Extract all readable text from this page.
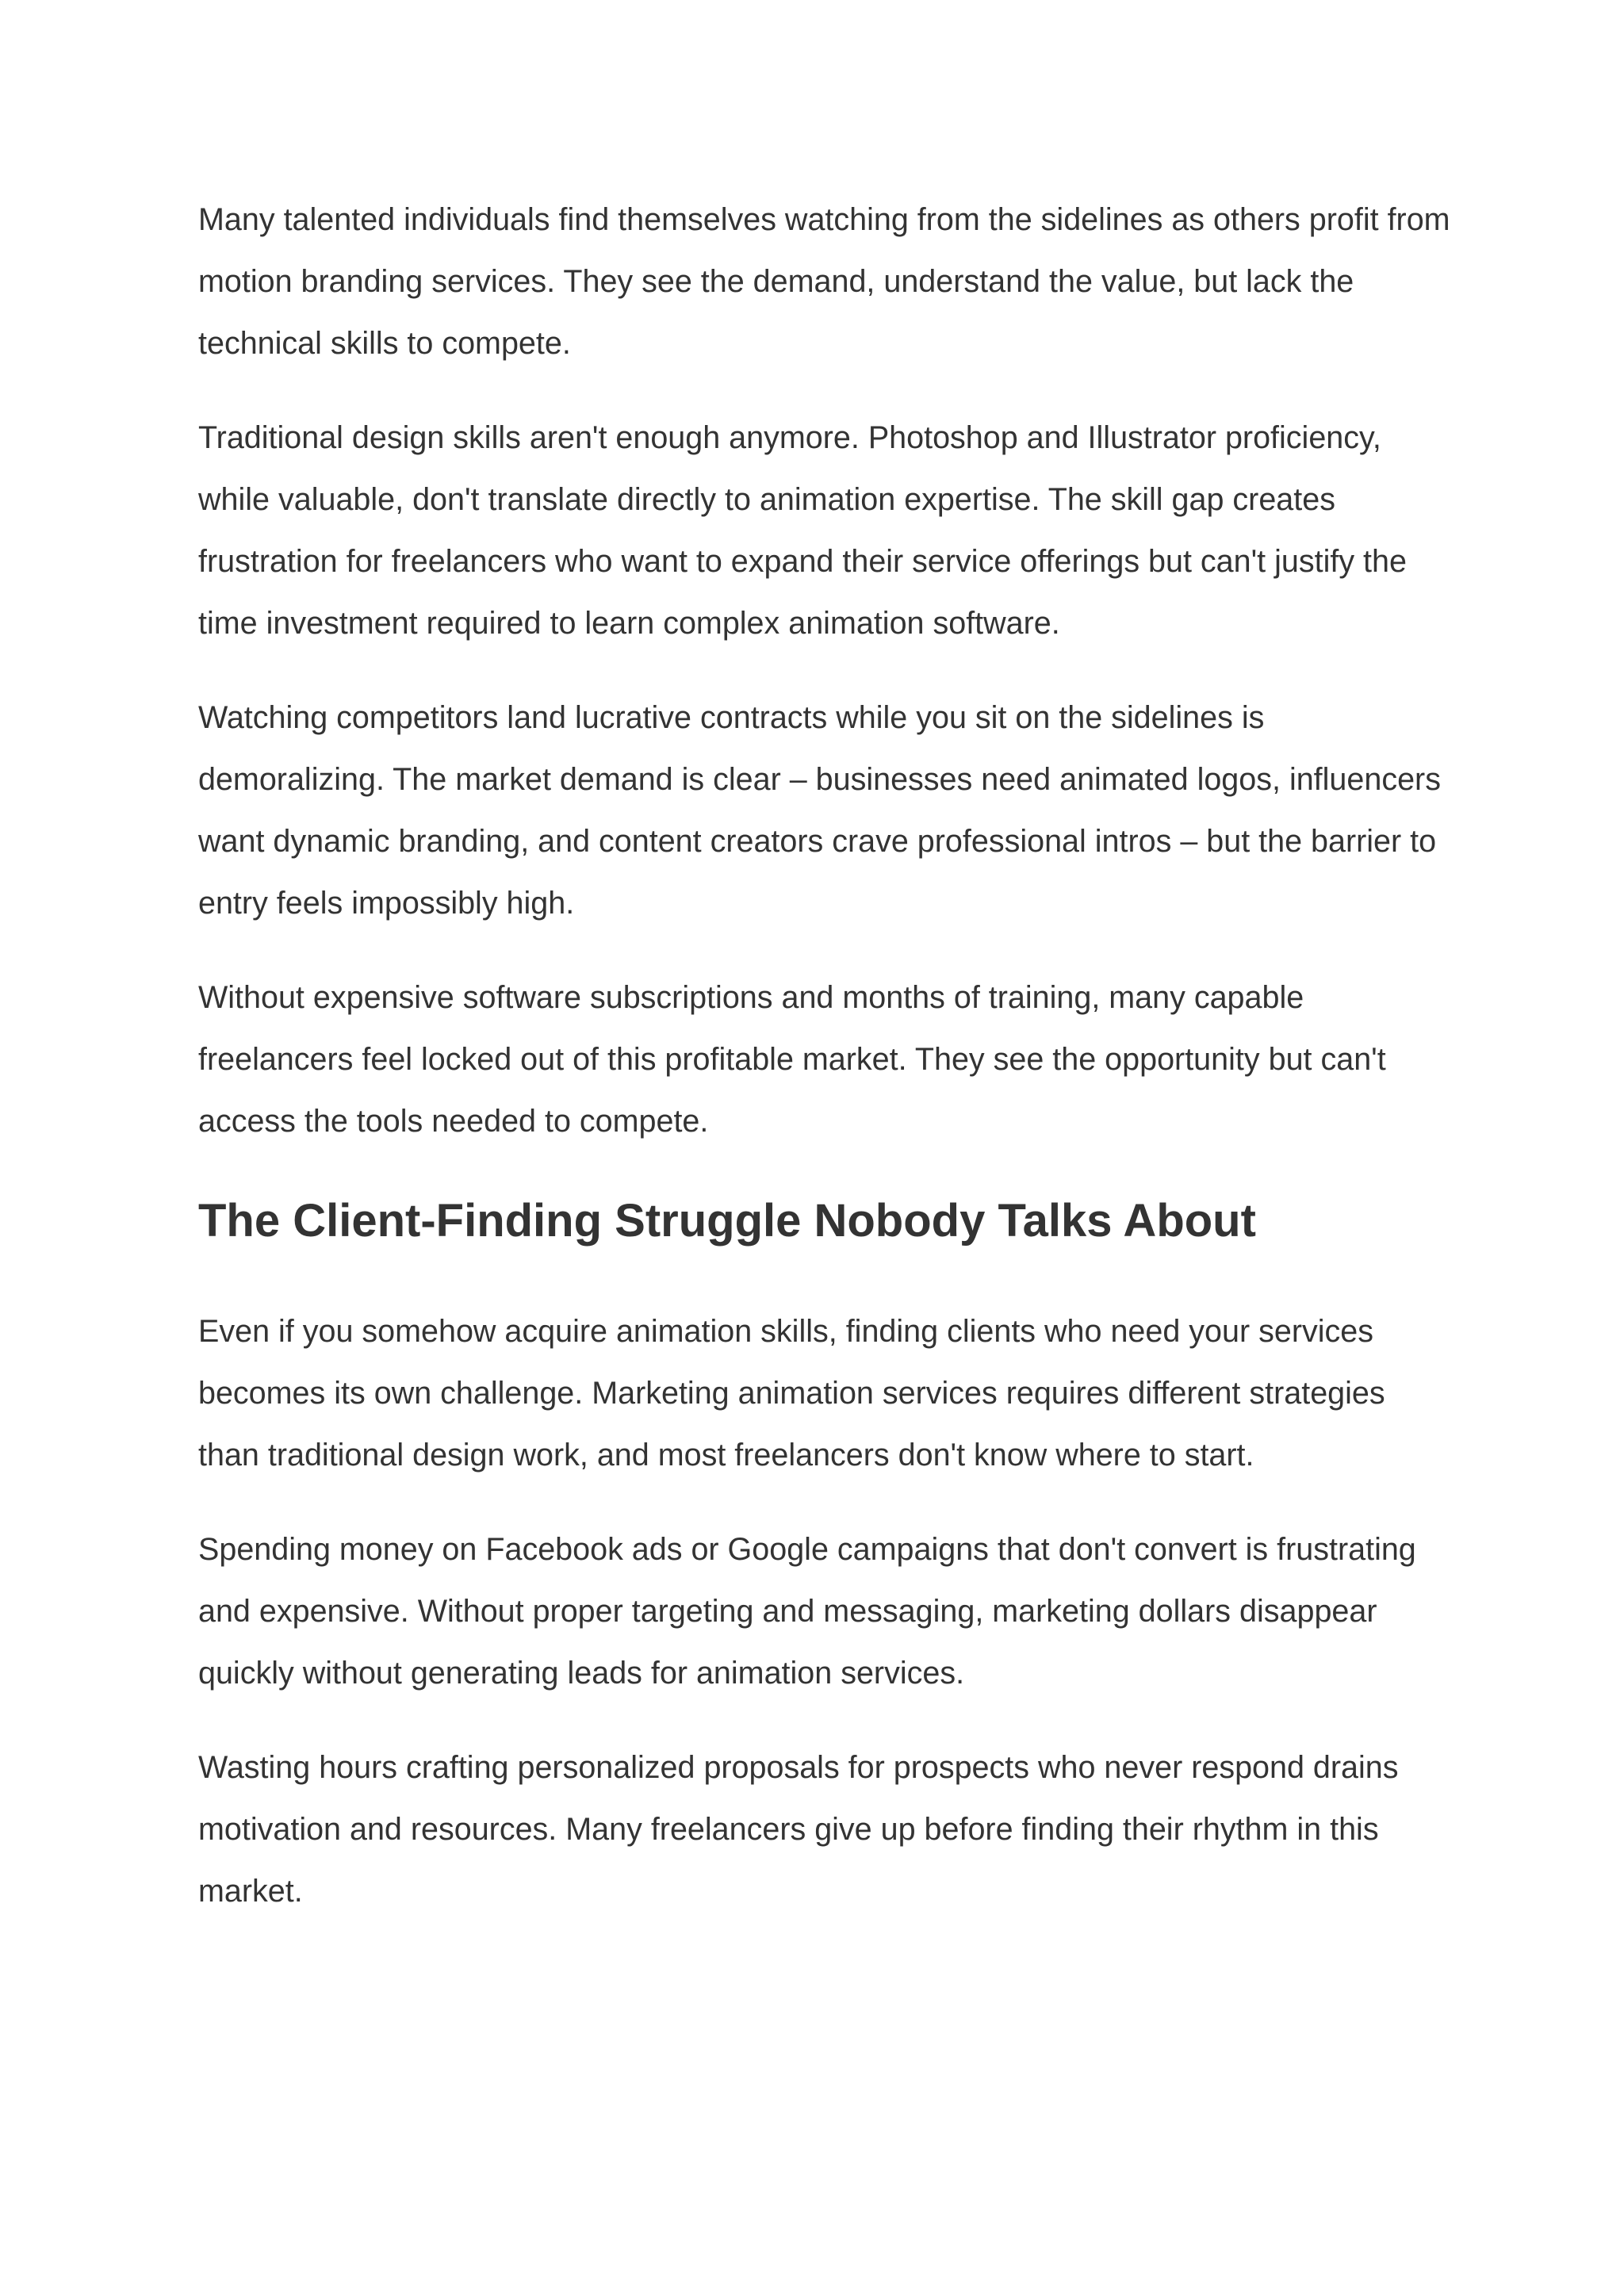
Many talented individuals find themselves watching from the sidelines as others profit from motion branding services. They see the demand, understand the value, but lack the technical skills to compete.

Traditional design skills aren't enough anymore. Photoshop and Illustrator proficiency, while valuable, don't translate directly to animation expertise. The skill gap creates frustration for freelancers who want to expand their service offerings but can't justify the time investment required to learn complex animation software.

Watching competitors land lucrative contracts while you sit on the sidelines is demoralizing. The market demand is clear – businesses need animated logos, influencers want dynamic branding, and content creators crave professional intros – but the barrier to entry feels impossibly high.

Without expensive software subscriptions and months of training, many capable freelancers feel locked out of this profitable market. They see the opportunity but can't access the tools needed to compete.

The Client-Finding Struggle Nobody Talks About

Even if you somehow acquire animation skills, finding clients who need your services becomes its own challenge. Marketing animation services requires different strategies than traditional design work, and most freelancers don't know where to start.

Spending money on Facebook ads or Google campaigns that don't convert is frustrating and expensive. Without proper targeting and messaging, marketing dollars disappear quickly without generating leads for animation services.

Wasting hours crafting personalized proposals for prospects who never respond drains motivation and resources. Many freelancers give up before finding their rhythm in this market.
